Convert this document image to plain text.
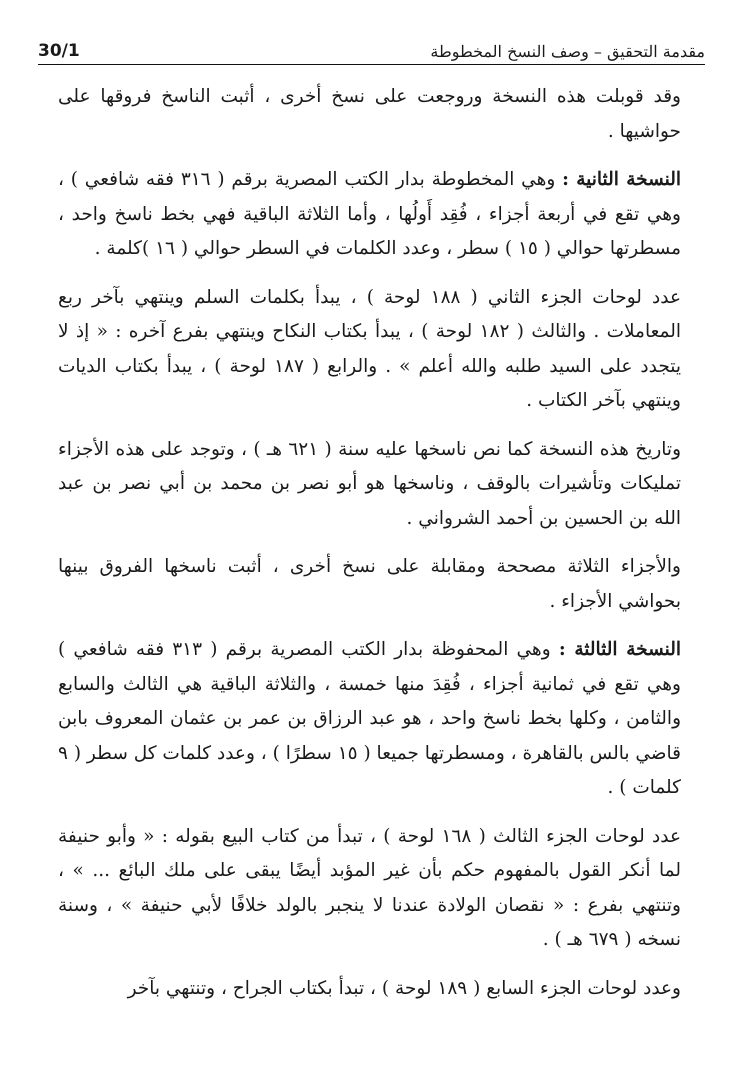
30/1	مقدمة التحقيق – وصف النسخ المخطوطة

وقد قوبلت هذه النسخة وروجعت على نسخ أخرى ، أثبت الناسخ فروقها على حواشيها .

النسخة الثانية : وهي المخطوطة بدار الكتب المصرية برقم ( ٣١٦ فقه شافعي ) ، وهي تقع في أربعة أجزاء ، فُقِد أَولُها ، وأما الثلاثة الباقية فهي بخط ناسخ واحد ، مسطرتها حوالي ( ١٥ ) سطر ، وعدد الكلمات في السطر حوالي ( ١٦ )كلمة .

عدد لوحات الجزء الثاني ( ١٨٨ لوحة ) ، يبدأ بكلمات السلم وينتهي بآخر ربع المعاملات . والثالث ( ١٨٢ لوحة ) ، يبدأ بكتاب النكاح وينتهي بفرع آخره : « إذ لا يتجدد على السيد طلبه والله أعلم » . والرابع ( ١٨٧ لوحة ) ، يبدأ بكتاب الديات وينتهي بآخر الكتاب .

وتاريخ هذه النسخة كما نص ناسخها عليه سنة ( ٦٢١ هـ ) ، وتوجد على هذه الأجزاء تمليكات وتأشيرات بالوقف ، وناسخها هو أبو نصر بن محمد بن أبي نصر بن عبد الله بن الحسين بن أحمد الشرواني .

والأجزاء الثلاثة مصححة ومقابلة على نسخ أخرى ، أثبت ناسخها الفروق بينها بحواشي الأجزاء .

النسخة الثالثة : وهي المحفوظة بدار الكتب المصرية برقم ( ٣١٣ فقه شافعي ) وهي تقع في ثمانية أجزاء ، فُقِدَ منها خمسة ، والثلاثة الباقية هي الثالث والسابع والثامن ، وكلها بخط ناسخ واحد ، هو عبد الرزاق بن عمر بن عثمان المعروف بابن قاضي بالس بالقاهرة ، ومسطرتها جميعا ( ١٥ سطرًا ) ، وعدد كلمات كل سطر ( ٩ كلمات ) .

عدد لوحات الجزء الثالث ( ١٦٨ لوحة ) ، تبدأ من كتاب البيع بقوله : « وأبو حنيفة لما أنكر القول بالمفهوم حكم بأن غير المؤبد أيضًا يبقى على ملك البائع ... » ، وتنتهي بفرع : « نقصان الولادة عندنا لا ينجبر بالولد خلافًا لأبي حنيفة » ، وسنة نسخه ( ٦٧٩ هـ ) .

وعدد لوحات الجزء السابع ( ١٨٩ لوحة ) ، تبدأ بكتاب الجراح ، وتنتهي بآخر
